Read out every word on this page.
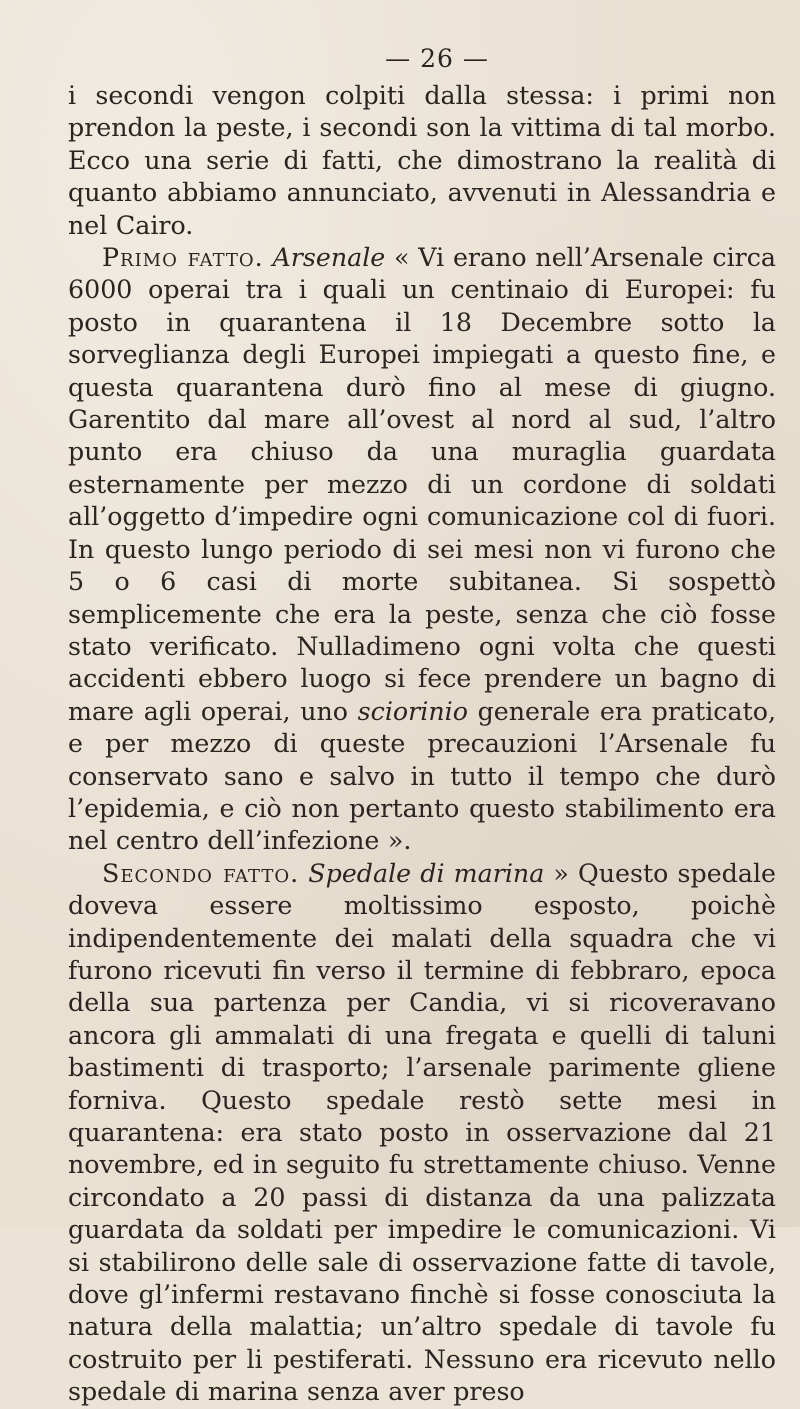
— 26 —

i secondi vengon colpiti dalla stessa: i primi non prendon la peste, i secondi son la vittima di tal morbo. Ecco una serie di fatti, che dimostrano la realità di quanto abbiamo annunciato, avvenuti in Alessandria e nel Cairo.

Primo fatto. Arsenale « Vi erano nell’Arsenale circa 6000 operai tra i quali un centinaio di Europei: fu posto in quarantena il 18 Decembre sotto la sorveglianza degli Europei impiegati a questo fine, e questa quarantena durò fino al mese di giugno. Garentito dal mare all’ovest al nord al sud, l’altro punto era chiuso da una muraglia guardata esternamente per mezzo di un cordone di soldati all’oggetto d’impedire ogni comunicazione col di fuori. In questo lungo periodo di sei mesi non vi furono che 5 o 6 casi di morte subitanea. Si sospettò semplicemente che era la peste, senza che ciò fosse stato verificato. Nulladimeno ogni volta che questi accidenti ebbero luogo si fece prendere un bagno di mare agli operai, uno sciorinio generale era praticato, e per mezzo di queste precauzioni l’Arsenale fu conservato sano e salvo in tutto il tempo che durò l’epidemia, e ciò non pertanto questo stabilimento era nel centro dell’infezione ».

Secondo fatto. Spedale di marina » Questo spedale doveva essere moltissimo esposto, poichè indipendentemente dei malati della squadra che vi furono ricevuti fin verso il termine di febbraro, epoca della sua partenza per Candia, vi si ricoveravano ancora gli ammalati di una fregata e quelli di taluni bastimenti di trasporto; l’arsenale parimente gliene forniva. Questo spedale restò sette mesi in quarantena: era stato posto in osservazione dal 21 novembre, ed in seguito fu strettamente chiuso. Venne circondato a 20 passi di distanza da una palizzata guardata da soldati per impedire le comunicazioni. Vi si stabilirono delle sale di osservazione fatte di tavole, dove gl’infermi restavano finchè si fosse conosciuta la natura della malattia; un’altro spedale di tavole fu costruito per li pestiferati. Nessuno era ricevuto nello spedale di marina senza aver preso
